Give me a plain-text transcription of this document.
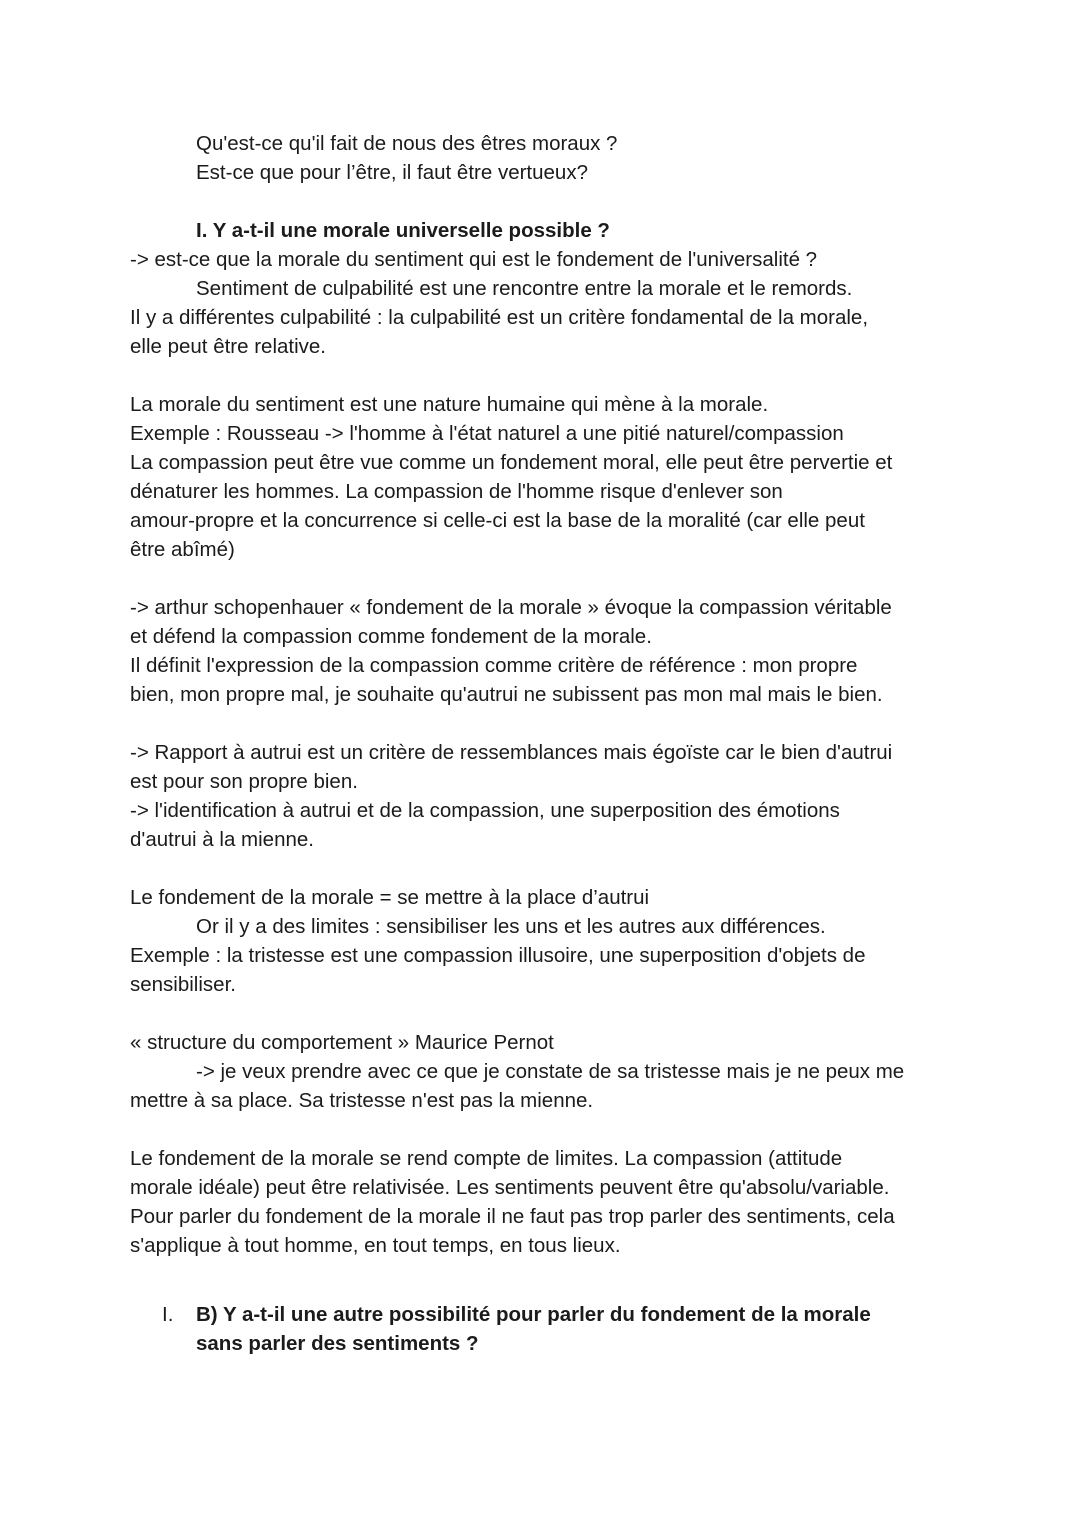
Qu'est-ce qu'il fait de nous des êtres moraux ?
Est-ce que pour l’être, il faut être vertueux?
I. Y a-t-il une morale universelle possible ?
-> est-ce que la morale du sentiment qui est le fondement de l'universalité ?
Sentiment de culpabilité est une rencontre entre la morale et le remords.
Il y a différentes culpabilité : la culpabilité est un critère fondamental de la morale,
elle peut être relative.
La morale du sentiment est une nature humaine qui mène à la morale.
Exemple : Rousseau -> l'homme à l'état naturel a une pitié naturel/compassion
La compassion peut être vue comme un fondement moral, elle peut être pervertie et
dénaturer les hommes. La compassion de l'homme risque d'enlever son
amour-propre et la concurrence si celle-ci est la base de la moralité (car elle peut
être abîmé)
-> arthur schopenhauer « fondement de la morale » évoque la compassion véritable
et défend la compassion comme fondement de la morale.
Il définit l'expression de la compassion comme critère de référence : mon propre
bien, mon propre mal, je souhaite qu'autrui ne subissent pas mon mal mais le bien.
-> Rapport à autrui est un critère de ressemblances mais égoïste car le bien d'autrui
est pour son propre bien.
-> l'identification à autrui et de la compassion, une superposition des émotions
d'autrui à la mienne.
Le fondement de la morale = se mettre à la place d’autrui
Or il y a des limites : sensibiliser les uns et les autres aux différences.
Exemple : la tristesse est une compassion illusoire, une superposition d'objets de
sensibiliser.
« structure du comportement » Maurice Pernot
-> je veux prendre avec ce que je constate de sa tristesse mais je ne peux me
mettre à sa place. Sa tristesse n'est pas la mienne.
Le fondement de la morale se rend compte de limites. La compassion (attitude
morale idéale) peut être relativisée. Les sentiments peuvent être qu'absolu/variable.
Pour parler du fondement de la morale il ne faut pas trop parler des sentiments, cela
s'applique à tout homme, en tout temps, en tous lieux.
I. B) Y a-t-il une autre possibilité pour parler du fondement de la morale
sans parler des sentiments ?
